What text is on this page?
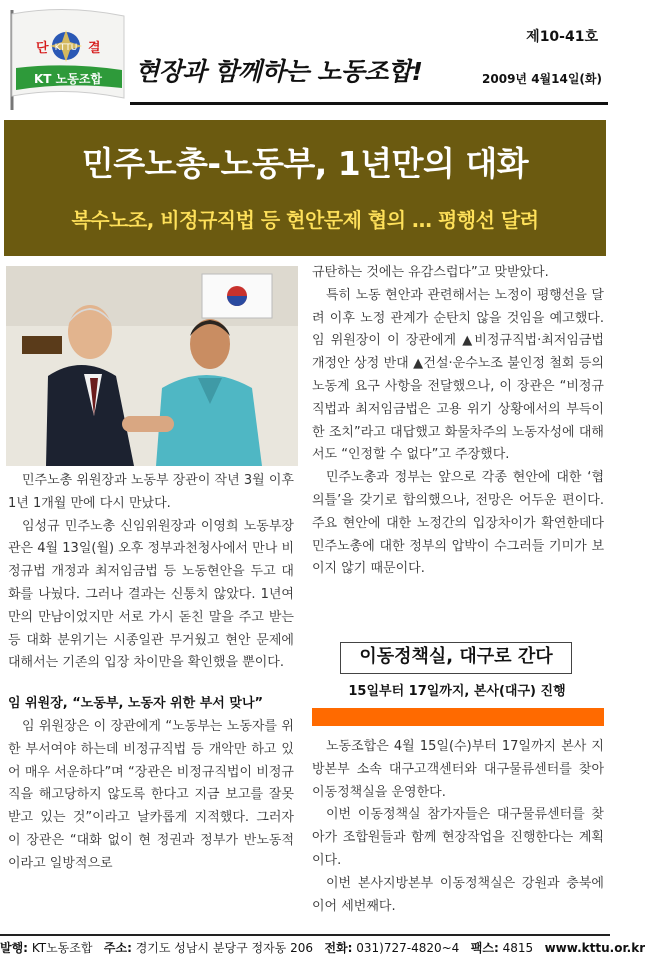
KTTU
단	결
KT 노동조합 현장과 함께하는 노동조합!
제10-41호
2009년 4월14일(화)
민주노총-노동부, 1년만의 대화
복수노조, 비정규직법 등 현안문제 협의 … 평행선 달려

민주노총 위원장과 노동부 장관이 작년 3월 이후 1년 1개월 만에 다시 만났다.

임성규 민주노총 신임위원장과 이영희 노동부장관은 4월 13일(월) 오후 정부과천청사에서 만나 비정규법 개정과 최저임금법 등 노동현안을 두고 대화를 나눴다. 그러나 결과는 신통치 않았다. 1년여만의 만남이었지만 서로 가시 돋친 말을 주고 받는 등 대화 분위기는 시종일관 무거웠고 현안 문제에 대해서는 기존의 입장 차이만을 확인했을 뿐이다.

임 위원장, “노동부, 노동자 위한 부서 맞나”

임 위원장은 이 장관에게 “노동부는 노동자를 위한 부서여야 하는데 비정규직법 등 개악만 하고 있어 매우 서운하다”며 “장관은 비정규직법이 비정규직을 해고당하지 않도록 한다고 지금 보고를 잘못 받고 있는 것”이라고 날카롭게 지적했다. 그러자 이 장관은 “대화 없이 현 정권과 정부가 반노동적이라고 일방적으로

규탄하는 것에는 유감스럽다”고 맞받았다.

특히 노동 현안과 관련해서는 노정이 평행선을 달려 이후 노정 관계가 순탄치 않을 것임을 예고했다. 임 위원장이 이 장관에게 ▲비정규직법·최저임금법 개정안 상정 반대 ▲건설·운수노조 불인정 철회 등의 노동계 요구 사항을 전달했으나, 이 장관은 “비정규직법과 최저임금법은 고용 위기 상황에서의 부득이한 조치”라고 대답했고 화물차주의 노동자성에 대해서도 “인정할 수 없다”고 주장했다.

민주노총과 정부는 앞으로 각종 현안에 대한 ‘협의틀’을 갖기로 합의했으나, 전망은 어두운 편이다. 주요 현안에 대한 노정간의 입장차이가 확연한데다 민주노총에 대한 정부의 압박이 수그러들 기미가 보이지 않기 때문이다.

이동정책실, 대구로 간다
15일부터 17일까지, 본사(대구) 진행

노동조합은 4월 15일(수)부터 17일까지 본사 지방본부 소속 대구고객센터와 대구물류센터를 찾아 이동정책실을 운영한다.

이번 이동정책실 참가자들은 대구물류센터를 찾아가 조합원들과 함께 현장작업을 진행한다는 계획이다.

이번 본사지방본부 이동정책실은 강원과 충북에 이어 세번째다.

발행: KT노동조합 주소: 경기도 성남시 분당구 정자동 206 전화: 031)727-4820~4 팩스: 4815 www.kttu.or.kr
